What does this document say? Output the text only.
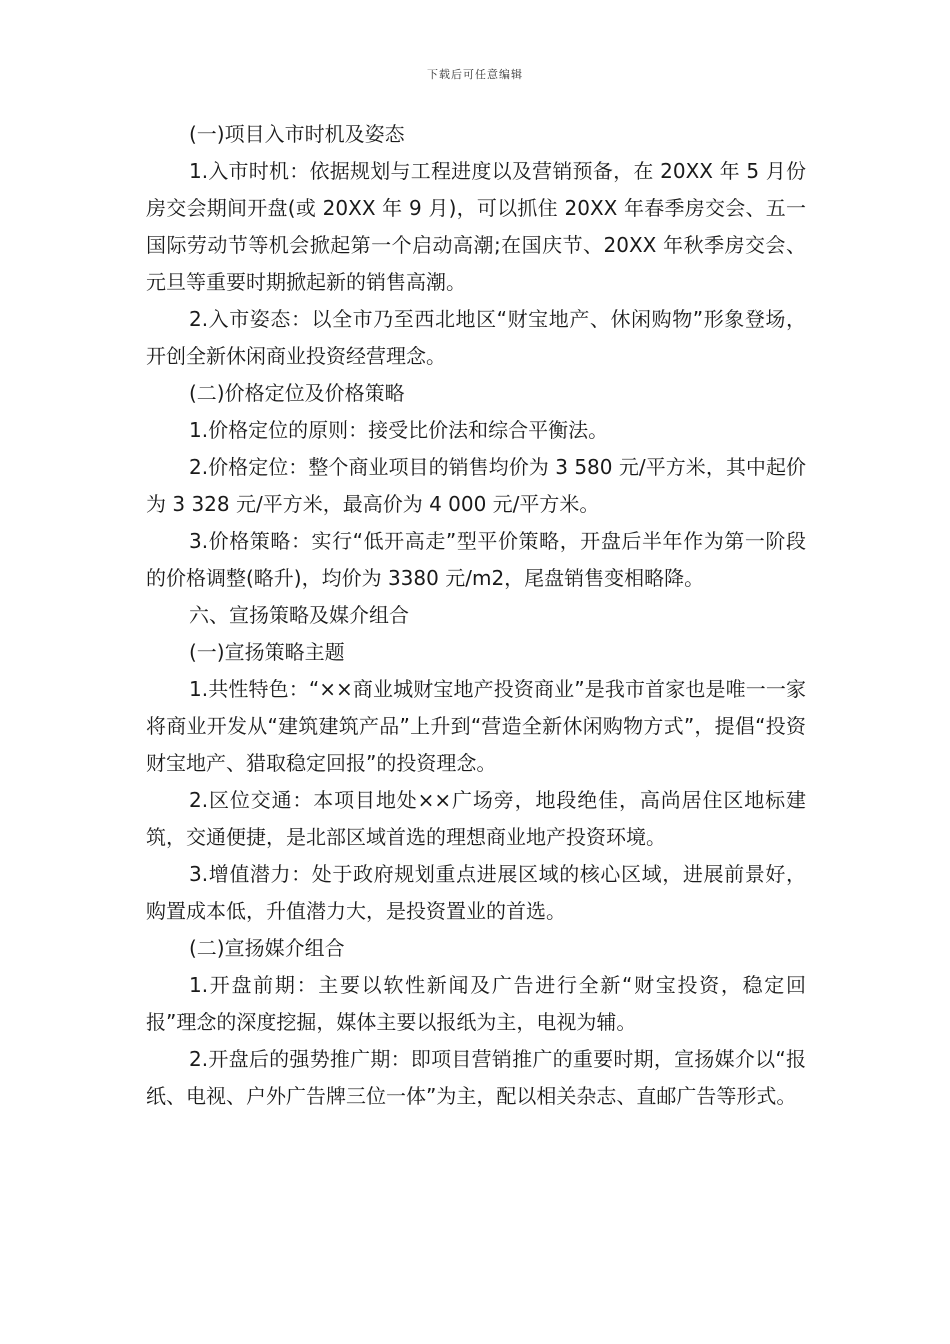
下载后可任意编辑

(一)项目入市时机及姿态

1.入市时机：依据规划与工程进度以及营销预备，在 20XX 年 5 月份房交会期间开盘(或 20XX 年 9 月)，可以抓住 20XX 年春季房交会、五一国际劳动节等机会掀起第一个启动高潮;在国庆节、20XX 年秋季房交会、元旦等重要时期掀起新的销售高潮。

2.入市姿态：以全市乃至西北地区“财宝地产、休闲购物”形象登场，开创全新休闲商业投资经营理念。

(二)价格定位及价格策略

1.价格定位的原则：接受比价法和综合平衡法。

2.价格定位：整个商业项目的销售均价为 3 580 元/平方米，其中起价为 3 328 元/平方米，最高价为 4 000 元/平方米。

3.价格策略：实行“低开高走”型平价策略，开盘后半年作为第一阶段的价格调整(略升)，均价为 3380 元/m2，尾盘销售变相略降。

六、宣扬策略及媒介组合

(一)宣扬策略主题

1.共性特色：“××商业城财宝地产投资商业”是我市首家也是唯一一家将商业开发从“建筑建筑产品”上升到“营造全新休闲购物方式”，提倡“投资财宝地产、猎取稳定回报”的投资理念。

2.区位交通：本项目地处××广场旁，地段绝佳，高尚居住区地标建筑，交通便捷，是北部区域首选的理想商业地产投资环境。

3.增值潜力：处于政府规划重点进展区域的核心区域，进展前景好，购置成本低，升值潜力大，是投资置业的首选。

(二)宣扬媒介组合

1.开盘前期：主要以软性新闻及广告进行全新“财宝投资，稳定回报”理念的深度挖掘，媒体主要以报纸为主，电视为辅。

2.开盘后的强势推广期：即项目营销推广的重要时期，宣扬媒介以“报纸、电视、户外广告牌三位一体”为主，配以相关杂志、直邮广告等形式。
